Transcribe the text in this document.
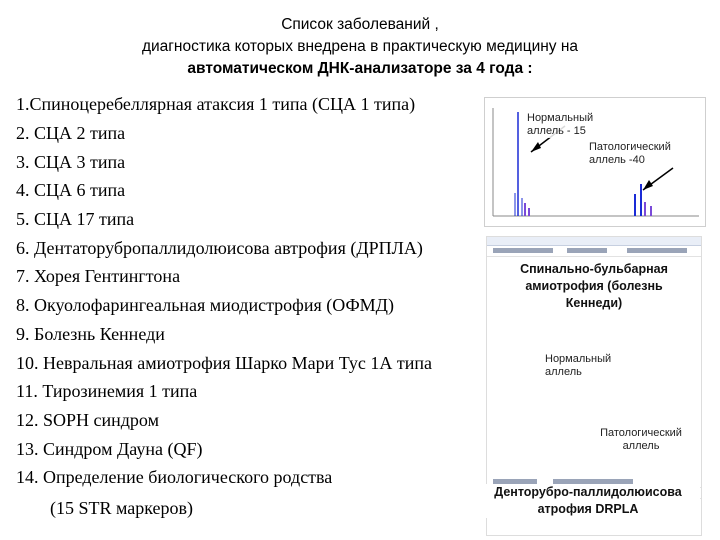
Список заболеваний ,
диагностика которых внедрена в практическую медицину на
автоматическом ДНК-анализаторе за 4 года :
1.Спиноцеребеллярная атаксия 1 типа (СЦА 1 типа)
2. СЦА 2 типа
3. СЦА 3 типа
4. СЦА 6 типа
5. СЦА 17 типа
6. Дентаторубропаллидолюисова автрофия (ДРПЛА)
7. Хорея Гентингтона
8. Окуолофарингеальная миодистрофия (ОФМД)
9. Болезнь Кеннеди
10. Невральная амиотрофия Шарко Мари Тус 1А типа
11. Тирозинемия 1 типа
12. SOPH синдром
13. Синдром Дауна (QF)
14. Определение биологического родства
(15 STR маркеров)
Нормальный аллель - 15
Патологический аллель -40
Спинально-бульбарная амиотрофия (болезнь Кеннеди)
Нормальный аллель
Патологический аллель
Денторубро-паллидолюисова атрофия DRPLA
